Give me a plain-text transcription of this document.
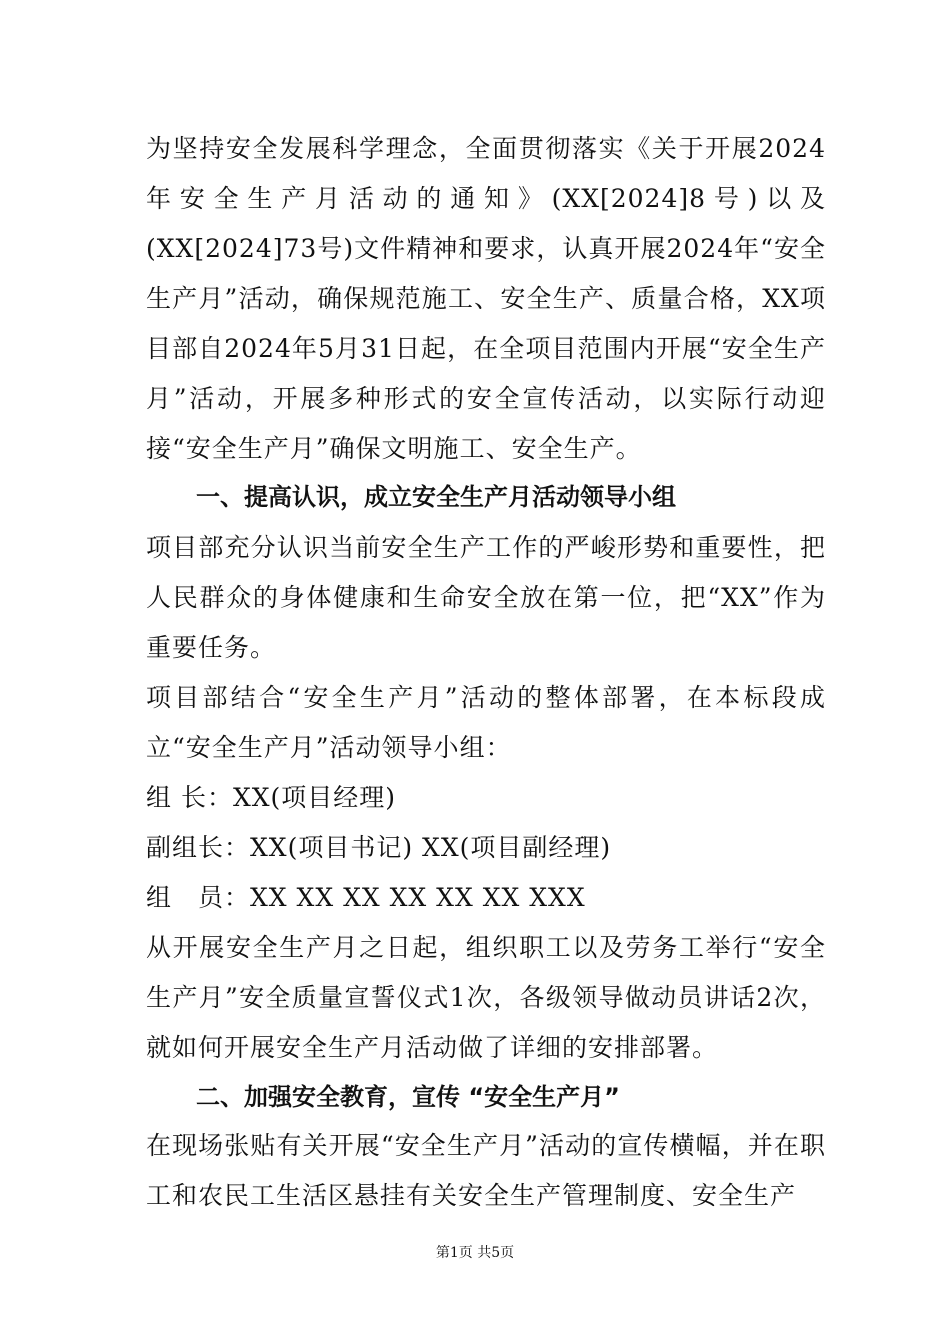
为坚持安全发展科学理念，全面贯彻落实《关于开展2024年安全生产月活动的通知》(XX[2024]8号)以及(XX[2024]73号)文件精神和要求，认真开展2024年“安全生产月”活动，确保规范施工、安全生产、质量合格，XX项目部自2024年5月31日起，在全项目范围内开展“安全生产月”活动，开展多种形式的安全宣传活动，以实际行动迎接“安全生产月”确保文明施工、安全生产。

一、提高认识，成立安全生产月活动领导小组

项目部充分认识当前安全生产工作的严峻形势和重要性，把人民群众的身体健康和生命安全放在第一位，把“XX”作为重要任务。

项目部结合“安全生产月”活动的整体部署，在本标段成立“安全生产月”活动领导小组：

组 长：XX(项目经理)

副组长：XX(项目书记) XX(项目副经理)

组　员：XX XX XX XX XX XX XXX

从开展安全生产月之日起，组织职工以及劳务工举行“安全生产月”安全质量宣誓仪式1次，各级领导做动员讲话2次，就如何开展安全生产月活动做了详细的安排部署。

二、加强安全教育，宣传 “安全生产月”

在现场张贴有关开展“安全生产月”活动的宣传横幅，并在职工和农民工生活区悬挂有关安全生产管理制度、安全生产

第1页 共5页
